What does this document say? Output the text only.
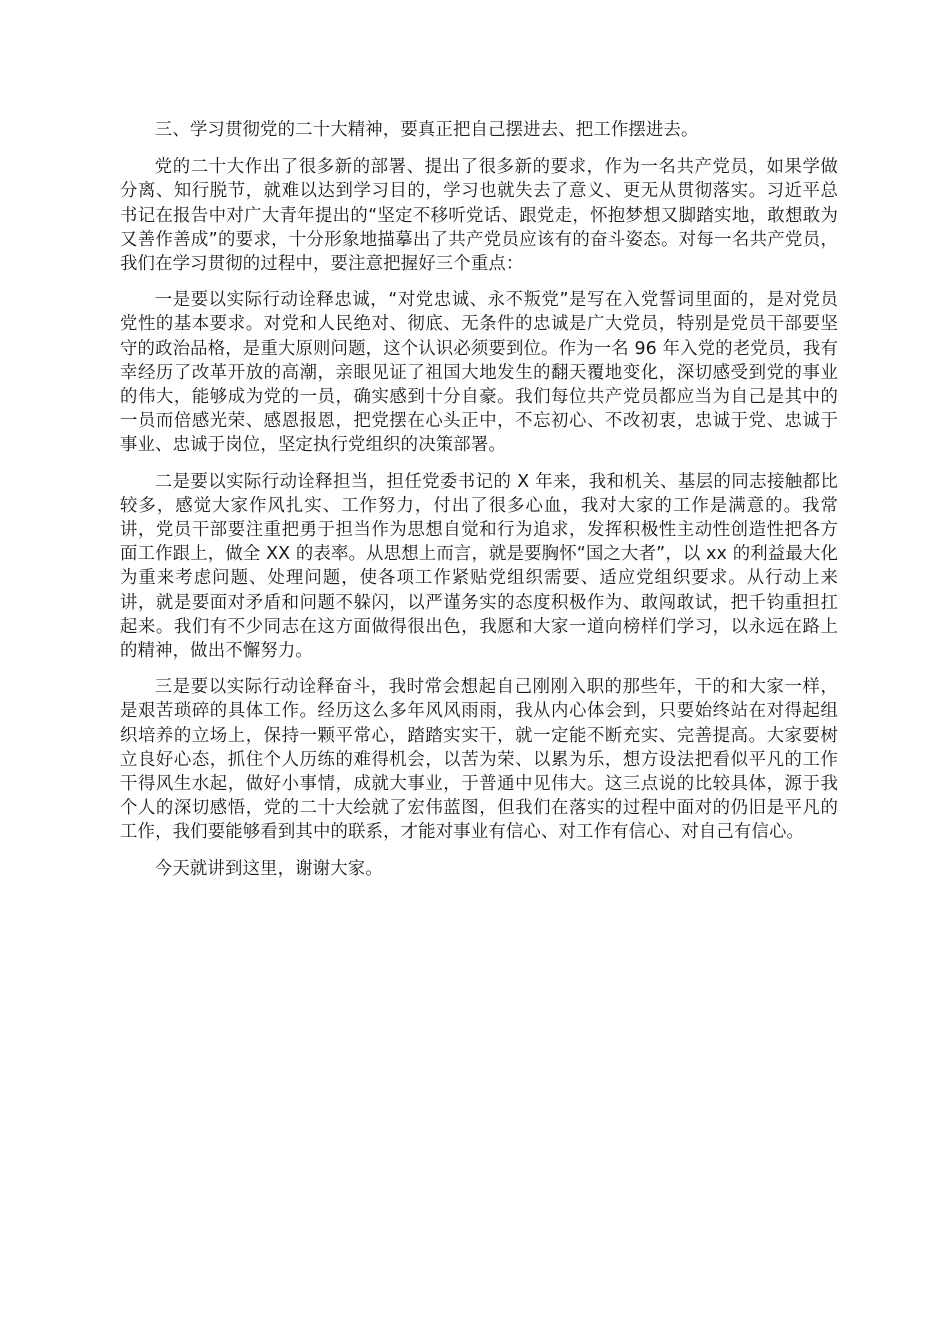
三、学习贯彻党的二十大精神，要真正把自己摆进去、把工作摆进去。

党的二十大作出了很多新的部署、提出了很多新的要求，作为一名共产党员，如果学做分离、知行脱节，就难以达到学习目的，学习也就失去了意义、更无从贯彻落实。习近平总书记在报告中对广大青年提出的“坚定不移听党话、跟党走，怀抱梦想又脚踏实地，敢想敢为又善作善成”的要求，十分形象地描摹出了共产党员应该有的奋斗姿态。对每一名共产党员，我们在学习贯彻的过程中，要注意把握好三个重点：

一是要以实际行动诠释忠诚，“对党忠诚、永不叛党”是写在入党誓词里面的，是对党员党性的基本要求。对党和人民绝对、彻底、无条件的忠诚是广大党员，特别是党员干部要坚守的政治品格，是重大原则问题，这个认识必须要到位。作为一名 96 年入党的老党员，我有幸经历了改革开放的高潮，亲眼见证了祖国大地发生的翻天覆地变化，深切感受到党的事业的伟大，能够成为党的一员，确实感到十分自豪。我们每位共产党员都应当为自己是其中的一员而倍感光荣、感恩报恩，把党摆在心头正中，不忘初心、不改初衷，忠诚于党、忠诚于事业、忠诚于岗位，坚定执行党组织的决策部署。

二是要以实际行动诠释担当，担任党委书记的 X 年来，我和机关、基层的同志接触都比较多，感觉大家作风扎实、工作努力，付出了很多心血，我对大家的工作是满意的。我常讲，党员干部要注重把勇于担当作为思想自觉和行为追求，发挥积极性主动性创造性把各方面工作跟上，做全 XX 的表率。从思想上而言，就是要胸怀“国之大者”，以 xx 的利益最大化为重来考虑问题、处理问题，使各项工作紧贴党组织需要、适应党组织要求。从行动上来讲，就是要面对矛盾和问题不躲闪，以严谨务实的态度积极作为、敢闯敢试，把千钧重担扛起来。我们有不少同志在这方面做得很出色，我愿和大家一道向榜样们学习，以永远在路上的精神，做出不懈努力。

三是要以实际行动诠释奋斗，我时常会想起自己刚刚入职的那些年，干的和大家一样，是艰苦琐碎的具体工作。经历这么多年风风雨雨，我从内心体会到，只要始终站在对得起组织培养的立场上，保持一颗平常心，踏踏实实干，就一定能不断充实、完善提高。大家要树立良好心态，抓住个人历练的难得机会，以苦为荣、以累为乐，想方设法把看似平凡的工作干得风生水起，做好小事情，成就大事业，于普通中见伟大。这三点说的比较具体，源于我个人的深切感悟，党的二十大绘就了宏伟蓝图，但我们在落实的过程中面对的仍旧是平凡的工作，我们要能够看到其中的联系，才能对事业有信心、对工作有信心、对自己有信心。

今天就讲到这里，谢谢大家。
